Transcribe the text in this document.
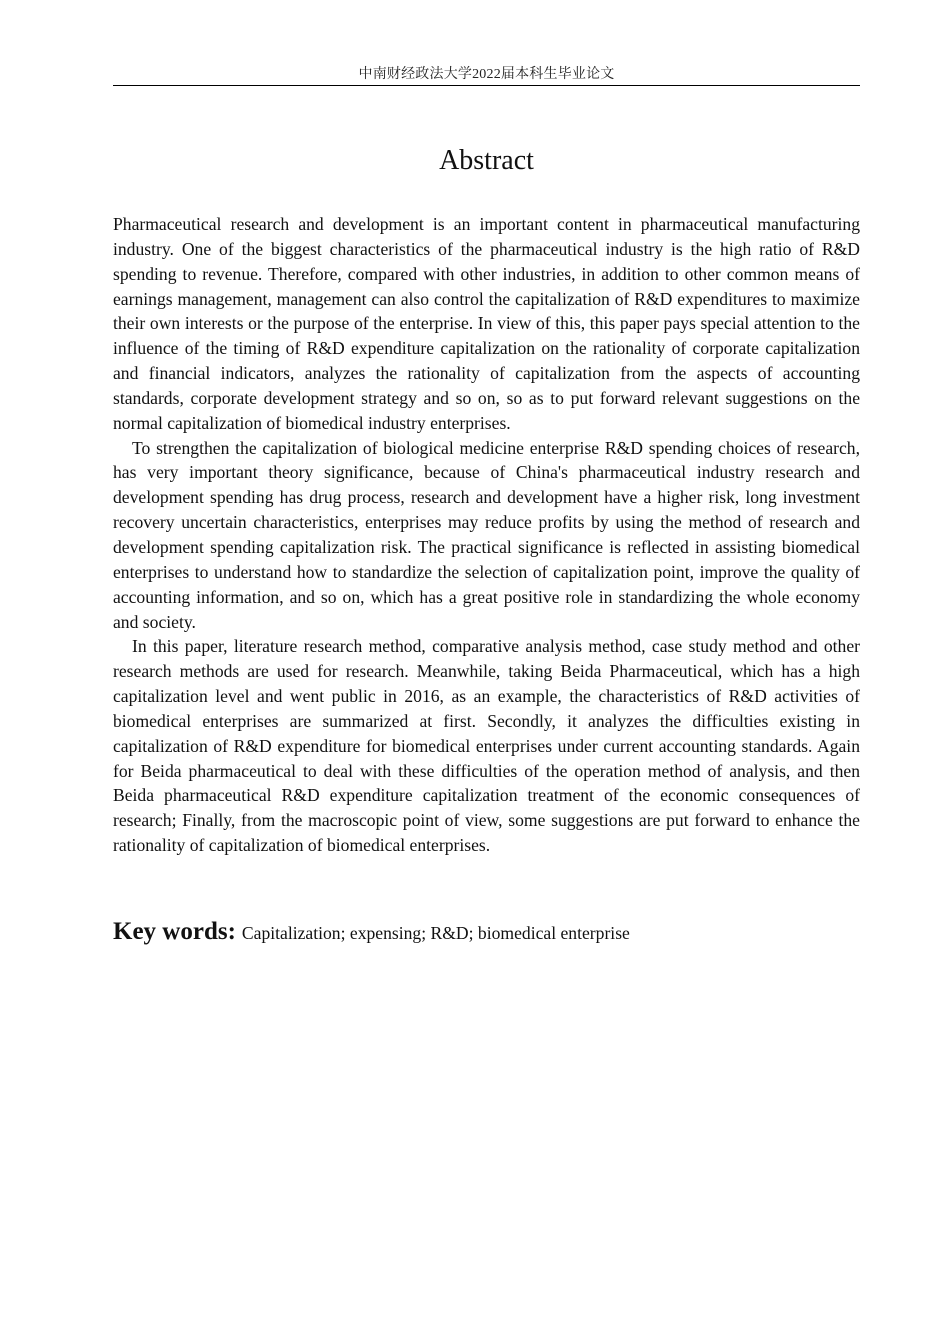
中南财经政法大学2022届本科生毕业论文
Abstract

Pharmaceutical research and development is an important content in pharmaceutical manufacturing industry. One of the biggest characteristics of the pharmaceutical industry is the high ratio of R&D spending to revenue. Therefore, compared with other industries, in addition to other common means of earnings management, management can also control the capitalization of R&D expenditures to maximize their own interests or the purpose of the enterprise. In view of this, this paper pays special attention to the influence of the timing of R&D expenditure capitalization on the rationality of corporate capitalization and financial indicators, analyzes the rationality of capitalization from the aspects of accounting standards, corporate development strategy and so on, so as to put forward relevant suggestions on the normal capitalization of biomedical industry enterprises.

To strengthen the capitalization of biological medicine enterprise R&D spending choices of research, has very important theory significance, because of China's pharmaceutical industry research and development spending has drug process, research and development have a higher risk, long investment recovery uncertain characteristics, enterprises may reduce profits by using the method of research and development spending capitalization risk. The practical significance is reflected in assisting biomedical enterprises to understand how to standardize the selection of capitalization point, improve the quality of accounting information, and so on, which has a great positive role in standardizing the whole economy and society.

In this paper, literature research method, comparative analysis method, case study method and other research methods are used for research. Meanwhile, taking Beida Pharmaceutical, which has a high capitalization level and went public in 2016, as an example, the characteristics of R&D activities of biomedical enterprises are summarized at first. Secondly, it analyzes the difficulties existing in capitalization of R&D expenditure for biomedical enterprises under current accounting standards. Again for Beida pharmaceutical to deal with these difficulties of the operation method of analysis, and then Beida pharmaceutical R&D expenditure capitalization treatment of the economic consequences of research; Finally, from the macroscopic point of view, some suggestions are put forward to enhance the rationality of capitalization of biomedical enterprises.

Key words: Capitalization; expensing; R&D; biomedical enterprise
